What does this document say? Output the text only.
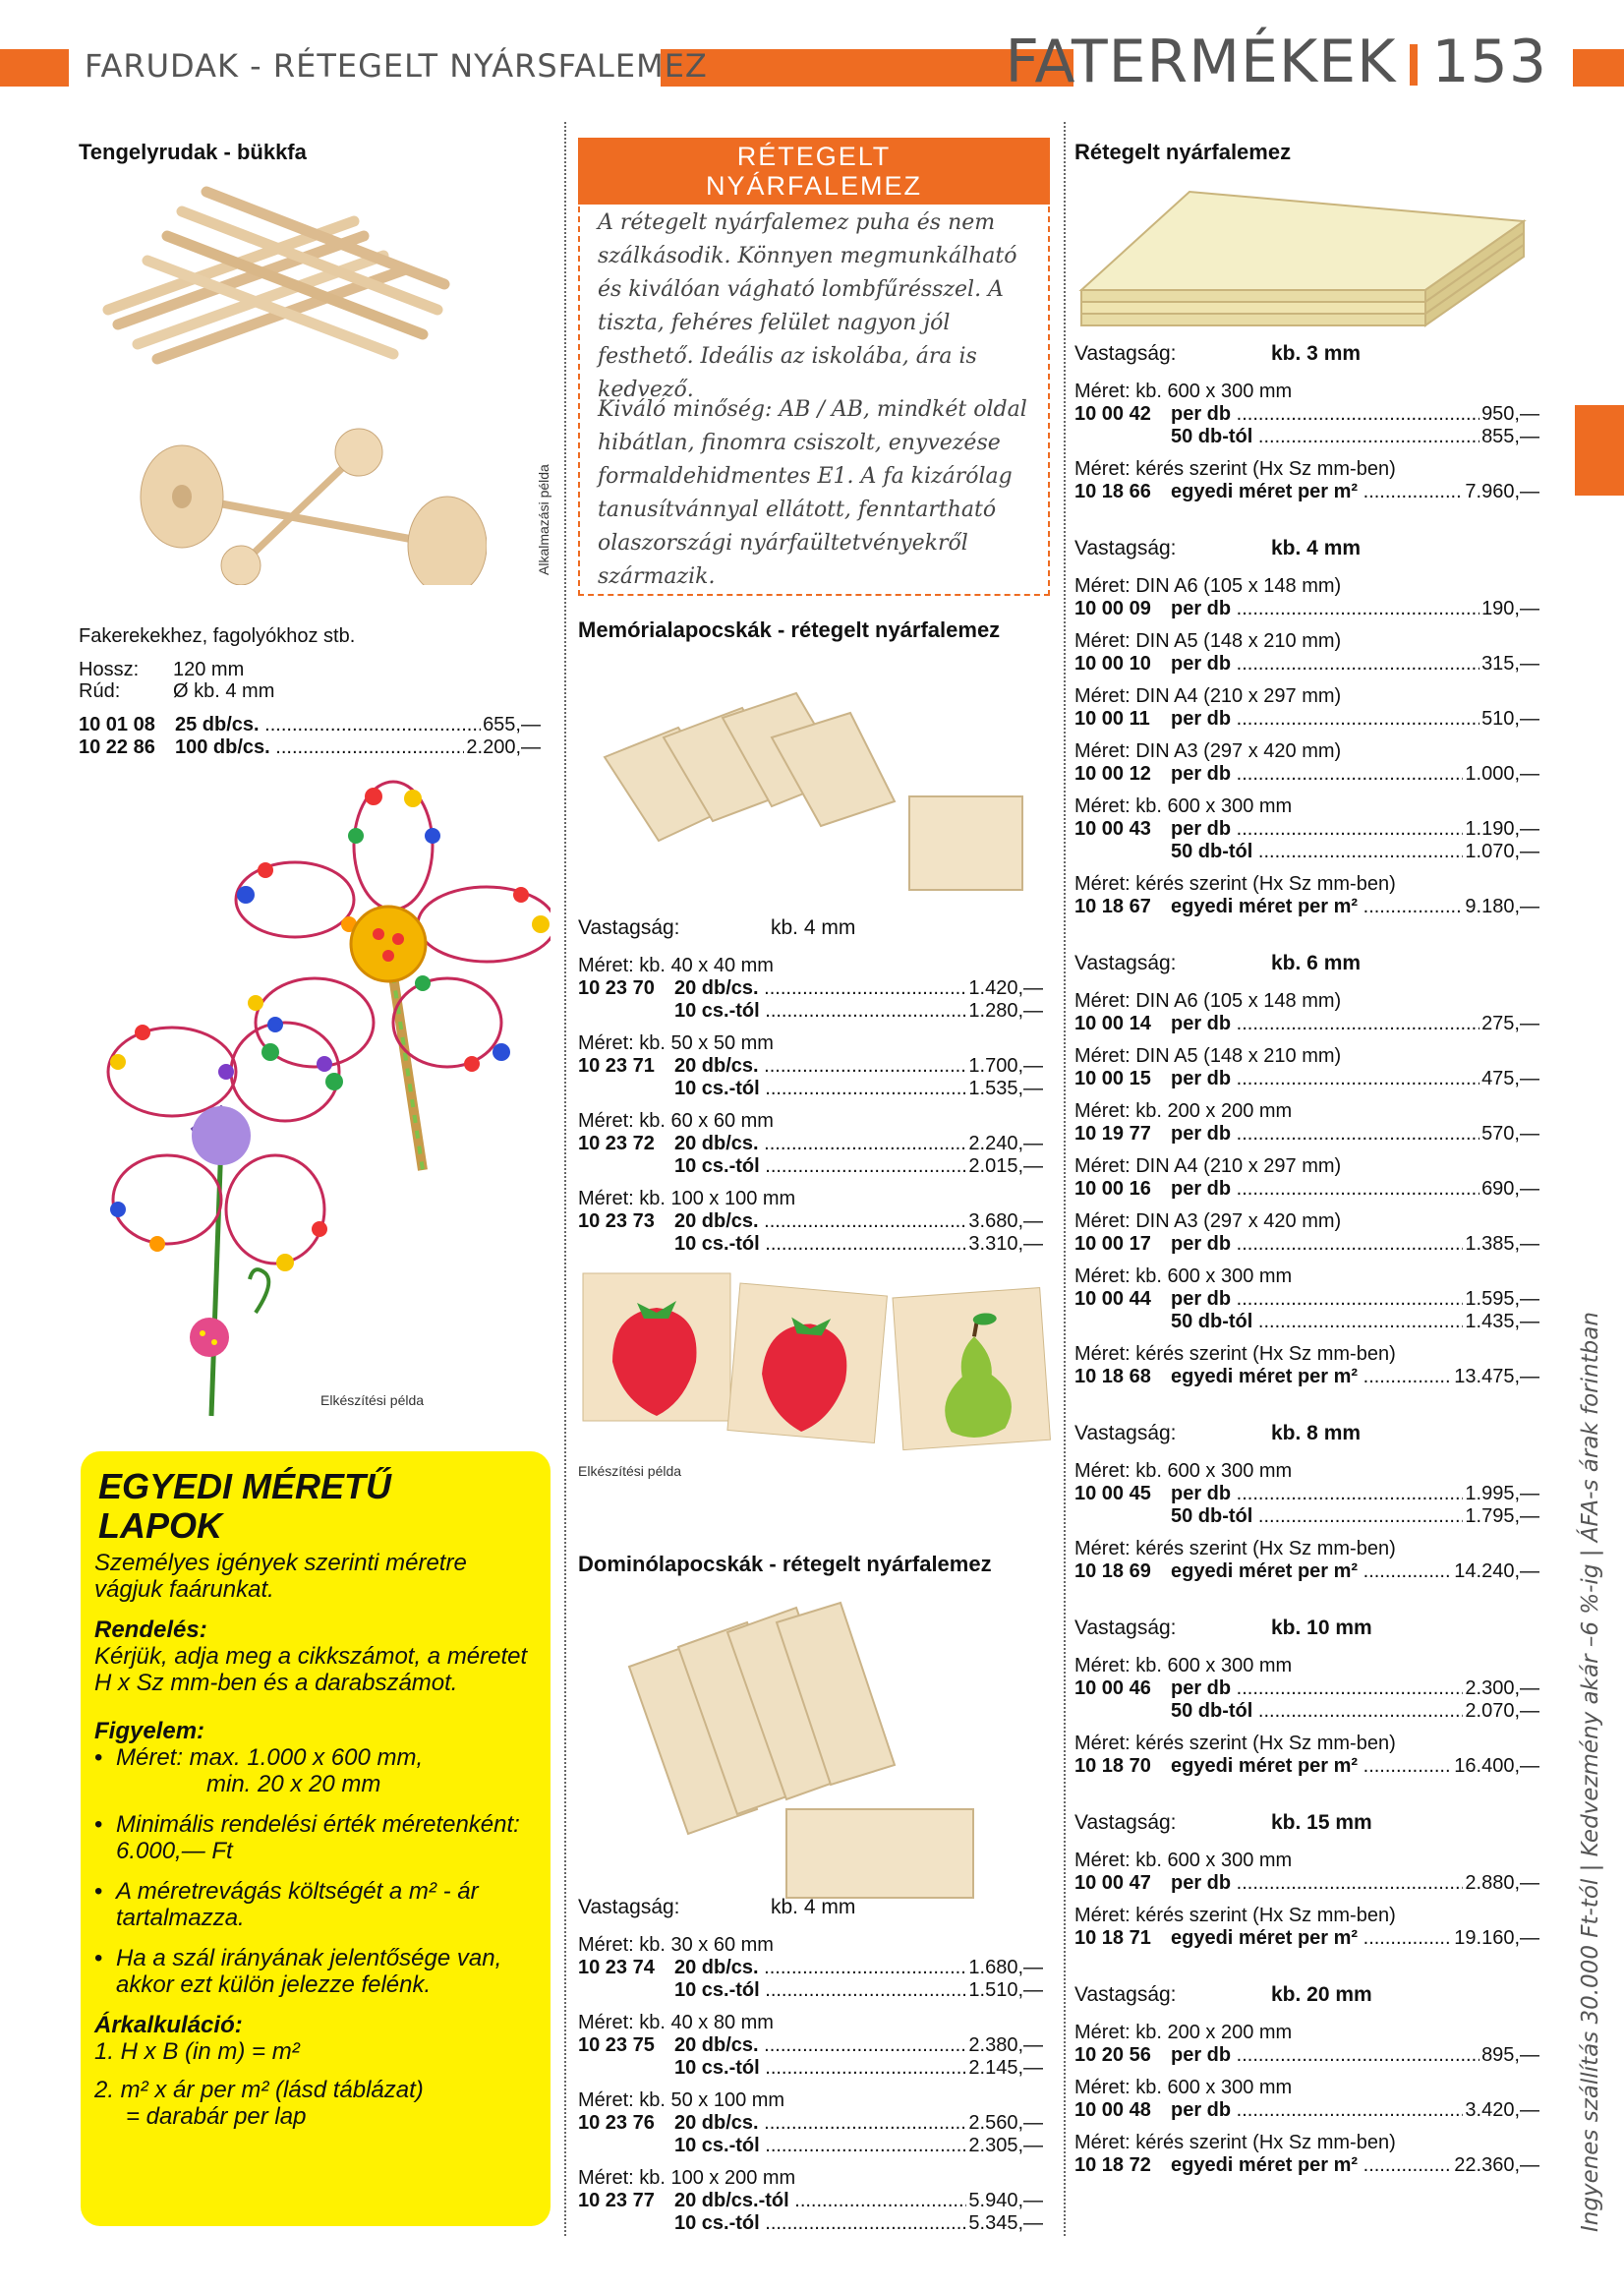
FARUDAK - RÉTEGELT NYÁRSFALEMEZ	FATERMÉKEK 153
Tengelyrudak - bükkfa
Alkalmazási példa
Fakerekekhez, fagolyókhoz stb.
Hossz: 120 mm
Rúd:	Ø kb. 4 mm
10 01 08	25 db/cs. .....	655,—
10 22 86	100 db/cs. .....	2.200,—
Elkészítési példa
EGYEDI MÉRETŰ
LAPOK
Személyes igények szerinti méretre vágjuk faárunkat.
Rendelés:
Kérjük, adja meg a cikkszámot, a méretet H x Sz mm-ben és a darabszámot.
Figyelem:
• Méret: max. 1.000 x 600 mm,
min. 20 x 20 mm
• Minimális rendelési érték méretenként: 6.000,— Ft
• A méretrevágás költségét a m² - ár tartalmazza.
• Ha a szál irányának jelentősége van, akkor ezt külön jelezze felénk.
Árkalkuláció:
1. H x B (in m) = m²
2. m² x ár per m² (lásd táblázat)
= darabár per lap
RÉTEGELT
NYÁRFALEMEZ
A rétegelt nyárfalemez puha és nem szálkásodik. Könnyen megmunkálható és kiválóan vágható lombfűrésszel. A tiszta, fehéres felület nagyon jól festhető. Ideális az iskolába, ára is kedvező.
Kiváló minőség: AB / AB, mindkét oldal hibátlan, finomra csiszolt, enyvezése formaldehidmentes E1. A fa kizárólag tanusítvánnyal ellátott, fenntartható olaszországi nyárfaültetvényekről származik.
Memórialapocskák - rétegelt nyárfalemez
Vastagság:	kb. 4 mm
Méret: kb. 40 x 40 mm
10 23 70	20 db/cs. .....	1.420,—
10 cs.-tól .....	1.280,—
Méret: kb. 50 x 50 mm
10 23 71	20 db/cs. .....	1.700,—
10 cs.-tól .....	1.535,—
Méret: kb. 60 x 60 mm
10 23 72	20 db/cs. .....	2.240,—
10 cs.-tól .....	2.015,—
Méret: kb. 100 x 100 mm
10 23 73	20 db/cs. .....	3.680,—
10 cs.-tól .....	3.310,—
Elkészítési példa
Dominólapocskák - rétegelt nyárfalemez
Vastagság:	kb. 4 mm
Méret: kb. 30 x 60 mm
10 23 74	20 db/cs. .....	1.680,—
10 cs.-tól .....	1.510,—
Méret: kb. 40 x 80 mm
10 23 75	20 db/cs. .....	2.380,—
10 cs.-tól .....	2.145,—
Méret: kb. 50 x 100 mm
10 23 76	20 db/cs. .....	2.560,—
10 cs.-tól .....	2.305,—
Méret: kb. 100 x 200 mm
10 23 77	20 db/cs.-tól .....	5.940,—
10 cs.-tól .....	5.345,—
Rétegelt nyárfalemez
Vastagság:	kb. 3 mm
Méret: kb. 600 x 300 mm
10 00 42	per db .....	950,—
50 db-tól .....	855,—
Méret: kérés szerint (Hx Sz mm-ben)
10 18 66	egyedi méret per m² .....	7.960,—
Vastagság:	kb. 4 mm
Méret: DIN A6 (105 x 148 mm)
10 00 09	per db .....	190,—
Méret: DIN A5 (148 x 210 mm)
10 00 10	per db .....	315,—
Méret: DIN A4 (210 x 297 mm)
10 00 11	per db .....	510,—
Méret: DIN A3 (297 x 420 mm)
10 00 12	per db .....	1.000,—
Méret: kb. 600 x 300 mm
10 00 43	per db .....	1.190,—
50 db-tól .....	1.070,—
Méret: kérés szerint (Hx Sz mm-ben)
10 18 67	egyedi méret per m² .....	9.180,—
Vastagság:	kb. 6 mm
Méret: DIN A6 (105 x 148 mm)
10 00 14	per db .....	275,—
Méret: DIN A5 (148 x 210 mm)
10 00 15	per db .....	475,—
Méret: kb. 200 x 200 mm
10 19 77	per db .....	570,—
Méret: DIN A4 (210 x 297 mm)
10 00 16	per db .....	690,—
Méret: DIN A3 (297 x 420 mm)
10 00 17	per db .....	1.385,—
Méret: kb. 600 x 300 mm
10 00 44	per db .....	1.595,—
50 db-tól .....	1.435,—
Méret: kérés szerint (Hx Sz mm-ben)
10 18 68	egyedi méret per m² .....	13.475,—
Vastagság:	kb. 8 mm
Méret: kb. 600 x 300 mm
10 00 45	per db .....	1.995,—
50 db-tól .....	1.795,—
Méret: kérés szerint (Hx Sz mm-ben)
10 18 69	egyedi méret per m² .....	14.240,—
Vastagság:	kb. 10 mm
Méret: kb. 600 x 300 mm
10 00 46	per db .....	2.300,—
50 db-tól .....	2.070,—
Méret: kérés szerint (Hx Sz mm-ben)
10 18 70	egyedi méret per m² .....	16.400,—
Vastagság:	kb. 15 mm
Méret: kb. 600 x 300 mm
10 00 47	per db .....	2.880,—
Méret: kérés szerint (Hx Sz mm-ben)
10 18 71	egyedi méret per m² .....	19.160,—
Vastagság:	kb. 20 mm
Méret: kb. 200 x 200 mm
10 20 56	per db .....	895,—
Méret: kb. 600 x 300 mm
10 00 48	per db .....	3.420,—
Méret: kérés szerint (Hx Sz mm-ben)
10 18 72	egyedi méret per m² .....	22.360,— Ingyenes szállítás 30.000 Ft-tól | Kedvezmény akár –6 %-ig | ÁFA-s árak forintban
